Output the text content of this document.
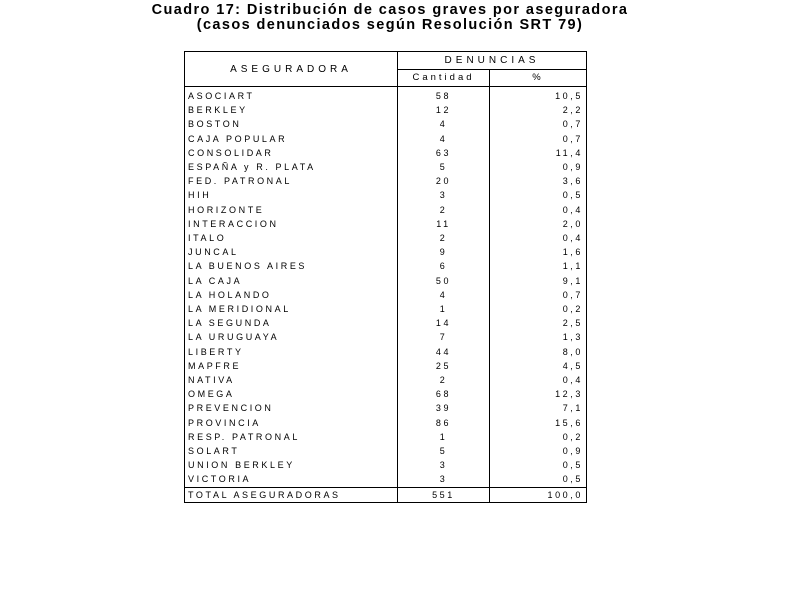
Cuadro 17: Distribución de casos graves por aseguradora
(casos denunciados según Resolución SRT 79)
ASEGURADORA	DENUNCIAS	
	Cantidad	%
ASOCIART	58	10,5
BERKLEY	12	2,2
BOSTON	4	0,7
CAJA POPULAR	4	0,7
CONSOLIDAR	63	11,4
ESPAÑA y R. PLATA	5	0,9
FED. PATRONAL	20	3,6
HIH	3	0,5
HORIZONTE	2	0,4
INTERACCION	11	2,0
ITALO	2	0,4
JUNCAL	9	1,6
LA BUENOS AIRES	6	1,1
LA CAJA	50	9,1
LA HOLANDO	4	0,7
LA MERIDIONAL	1	0,2
LA SEGUNDA	14	2,5
LA URUGUAYA	7	1,3
LIBERTY	44	8,0
MAPFRE	25	4,5
NATIVA	2	0,4
OMEGA	68	12,3
PREVENCION	39	7,1
PROVINCIA	86	15,6
RESP. PATRONAL	1	0,2
SOLART	5	0,9
UNION BERKLEY	3	0,5
VICTORIA	3	0,5
TOTAL ASEGURADORAS	551	100,0
